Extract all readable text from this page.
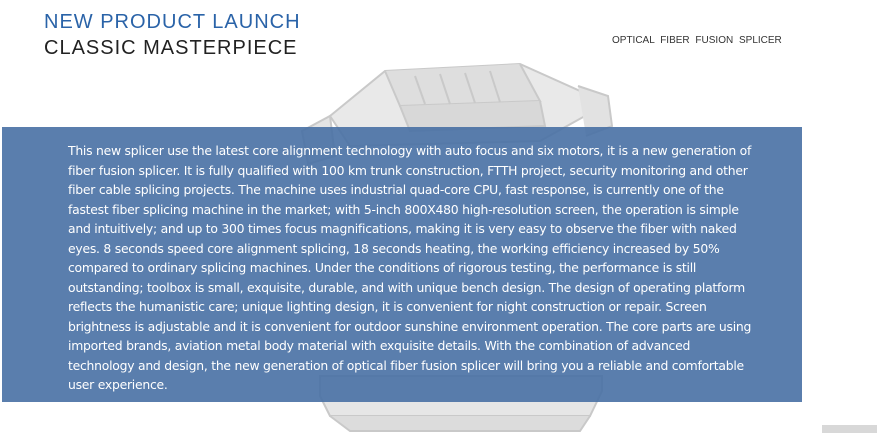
NEW PRODUCT LAUNCH
CLASSIC MASTERPIECE	OPTICAL FIBER FUSION SPLICER

This new splicer use the latest core alignment technology with auto focus and six motors, it is a new generation of fiber fusion splicer. It is fully qualified with 100 km trunk construction, FTTH project, security monitoring and other fiber cable splicing projects. The machine uses industrial quad-core CPU, fast response, is currently one of the fastest fiber splicing machine in the market; with 5-inch 800X480 high-resolution screen, the operation is simple and intuitively; and up to 300 times focus magnifications, making it is very easy to observe the fiber with naked eyes. 8 seconds speed core alignment splicing, 18 seconds heating, the working efficiency increased by 50% compared to ordinary splicing machines. Under the conditions of rigorous testing, the performance is still outstanding; toolbox is small, exquisite, durable, and with unique bench design. The design of operating platform reflects the humanistic care; unique lighting design, it is convenient for night construction or repair. Screen brightness is adjustable and it is convenient for outdoor sunshine environment operation. The core parts are using imported brands, aviation metal body material with exquisite details. With the combination of advanced technology and design, the new generation of optical fiber fusion splicer will bring you a reliable and comfortable user experience.
